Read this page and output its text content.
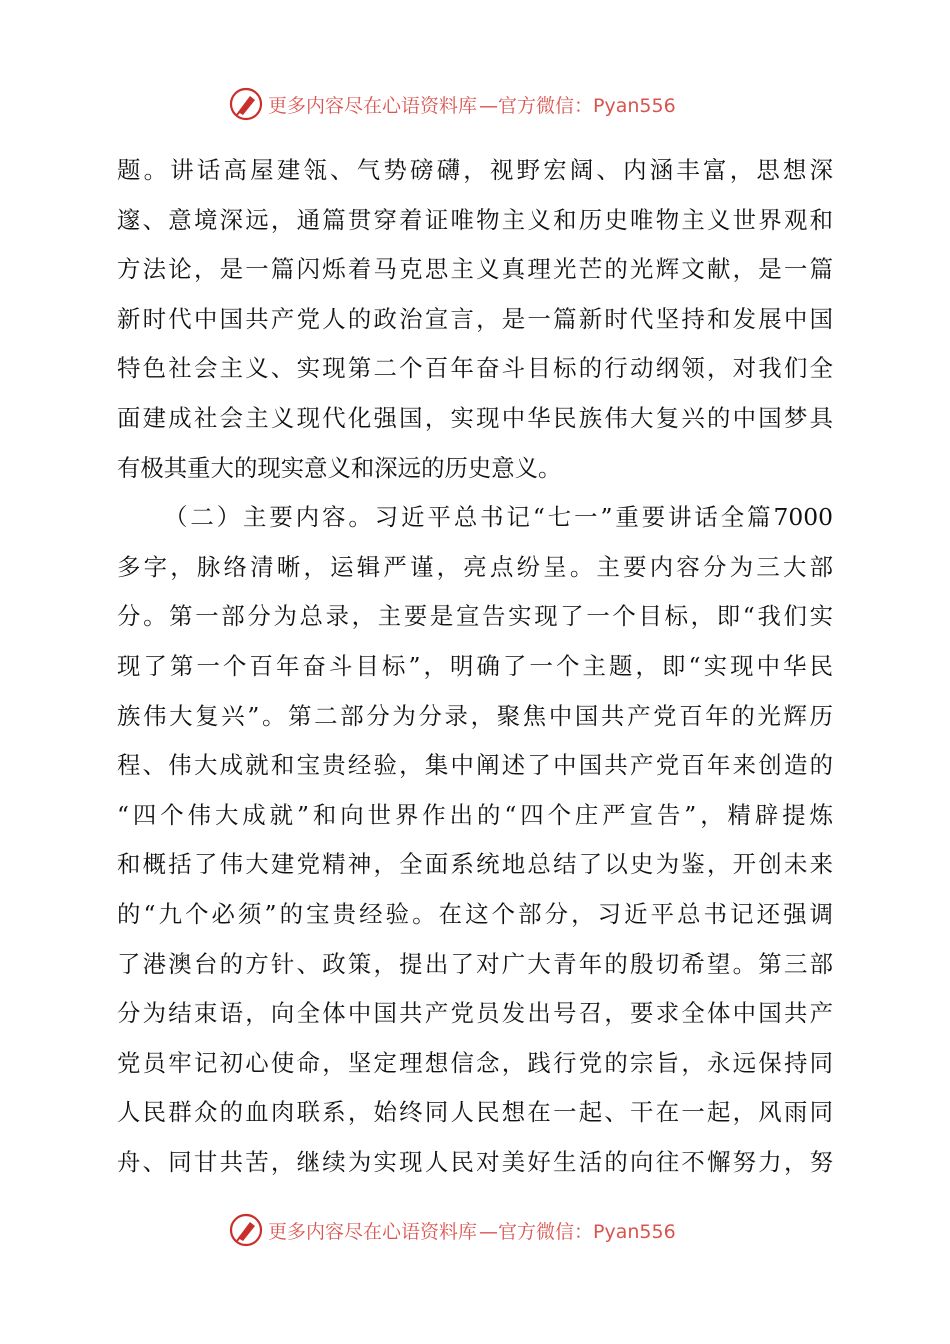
更多内容尽在心语资料库 —官方微信：Pyan556
题。讲话高屋建瓴、气势磅礴，视野宏阔、内涵丰富，思想深
邃、意境深远，通篇贯穿着证唯物主义和历史唯物主义世界观和
方法论，是一篇闪烁着马克思主义真理光芒的光辉文献，是一篇
新时代中国共产党人的政治宣言，是一篇新时代坚持和发展中国
特色社会主义、实现第二个百年奋斗目标的行动纲领，对我们全
面建成社会主义现代化强国，实现中华民族伟大复兴的中国梦具
有极其重大的现实意义和深远的历史意义。
（二）主要内容。习近平总书记“七一”重要讲话全篇7000
多字，脉络清晰，运辑严谨，亮点纷呈。主要内容分为三大部
分。第一部分为总录，主要是宣告实现了一个目标，即“我们实
现了第一个百年奋斗目标”，明确了一个主题，即“实现中华民
族伟大复兴”。第二部分为分录，聚焦中国共产党百年的光辉历
程、伟大成就和宝贵经验，集中阐述了中国共产党百年来创造的
“四个伟大成就”和向世界作出的“四个庄严宣告”，精辟提炼
和概括了伟大建党精神，全面系统地总结了以史为鉴，开创未来
的“九个必须”的宝贵经验。在这个部分，习近平总书记还强调
了港澳台的方针、政策，提出了对广大青年的殷切希望。第三部
分为结束语，向全体中国共产党员发出号召，要求全体中国共产
党员牢记初心使命，坚定理想信念，践行党的宗旨，永远保持同
人民群众的血肉联系，始终同人民想在一起、干在一起，风雨同
舟、同甘共苦，继续为实现人民对美好生活的向往不懈努力，努
更多内容尽在心语资料库 —官方微信：Pyan556
